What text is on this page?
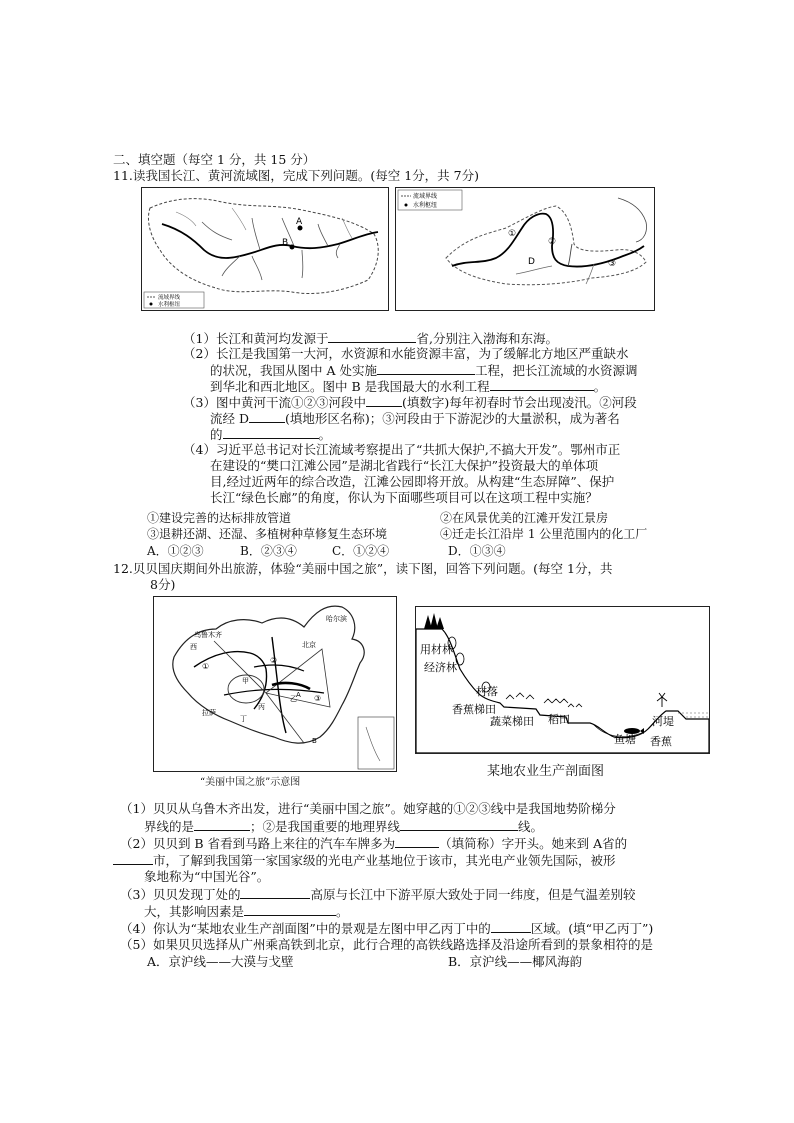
二、填空题（每空 1 分，共 15 分）
11.读我国长江、黄河流域图，完成下列问题。(每空 1分，共 7分)
A
B
流域界线
水利枢纽
流域界线
水利枢纽
①
②
③
D
（1）长江和黄河均发源于	省,分别注入渤海和东海。
（2）长江是我国第一大河，水资源和水能资源丰富，为了缓解北方地区严重缺水
的状况，我国从图中 A 处实施	工程，把长江流域的水资源调
到华北和西北地区。图中 B 是我国最大的水利工程	。
（3）图中黄河干流①②③河段中	(填数字)每年初春时节会出现凌汛。②河段
流经 D	(填地形区名称)；③河段由于下游泥沙的大量淤积，成为著名
的	。
（4）习近平总书记对长江流域考察提出了“共抓大保护,不搞大开发”。鄂州市正
在建设的“樊口江滩公园”是湖北省践行“长江大保护”投资最大的单体项
目,经过近两年的综合改造，江滩公园即将开放。从构建“生态屏障”、保护
长江“绿色长廊”的角度，你认为下面哪些项目可以在这项工程中实施？
①建设完善的达标排放管道	②在风景优美的江滩开发江景房
③退耕还湖、还湿、多植树种草修复生态环境	④迁走长江沿岸 1 公里范围内的化工厂
A．①②③	B．②③④	C．①②④	D．①③④
12.贝贝国庆期间外出旅游，体验“美丽中国之旅”，读下图，回答下列问题。(每空 1分，共
8分)
乌鲁木齐
哈尔滨
西	北京
拉萨
①
②
③
甲
乙
丙
丁
A
B
“美丽中国之旅”示意图
用材林
经济林
村落
香蕉梯田
蔬菜梯田 稻田
鱼塘
河堤
香蕉
某地农业生产剖面图
（1）贝贝从乌鲁木齐出发，进行“美丽中国之旅”。她穿越的①②③线中是我国地势阶梯分
界线的是	；②是我国重要的地理界线	线。
（2）贝贝到 B 省看到马路上来往的汽车车牌多为	（填简称）字开头。她来到 A省的
市，了解到我国第一家国家级的光电产业基地位于该市，其光电产业领先国际，被形
象地称为“中国光谷”。
（3）贝贝发现丁处的	高原与长江中下游平原大致处于同一纬度，但是气温差别较
大，其影响因素是	。
（4）你认为“某地农业生产剖面图”中的景观是左图中甲乙丙丁中的	区域。(填“甲乙丙丁”)
（5）如果贝贝选择从广州乘高铁到北京，此行合理的高铁线路选择及沿途所看到的景象相符的是
A．京沪线——大漠与戈壁	B．京沪线——椰风海韵
